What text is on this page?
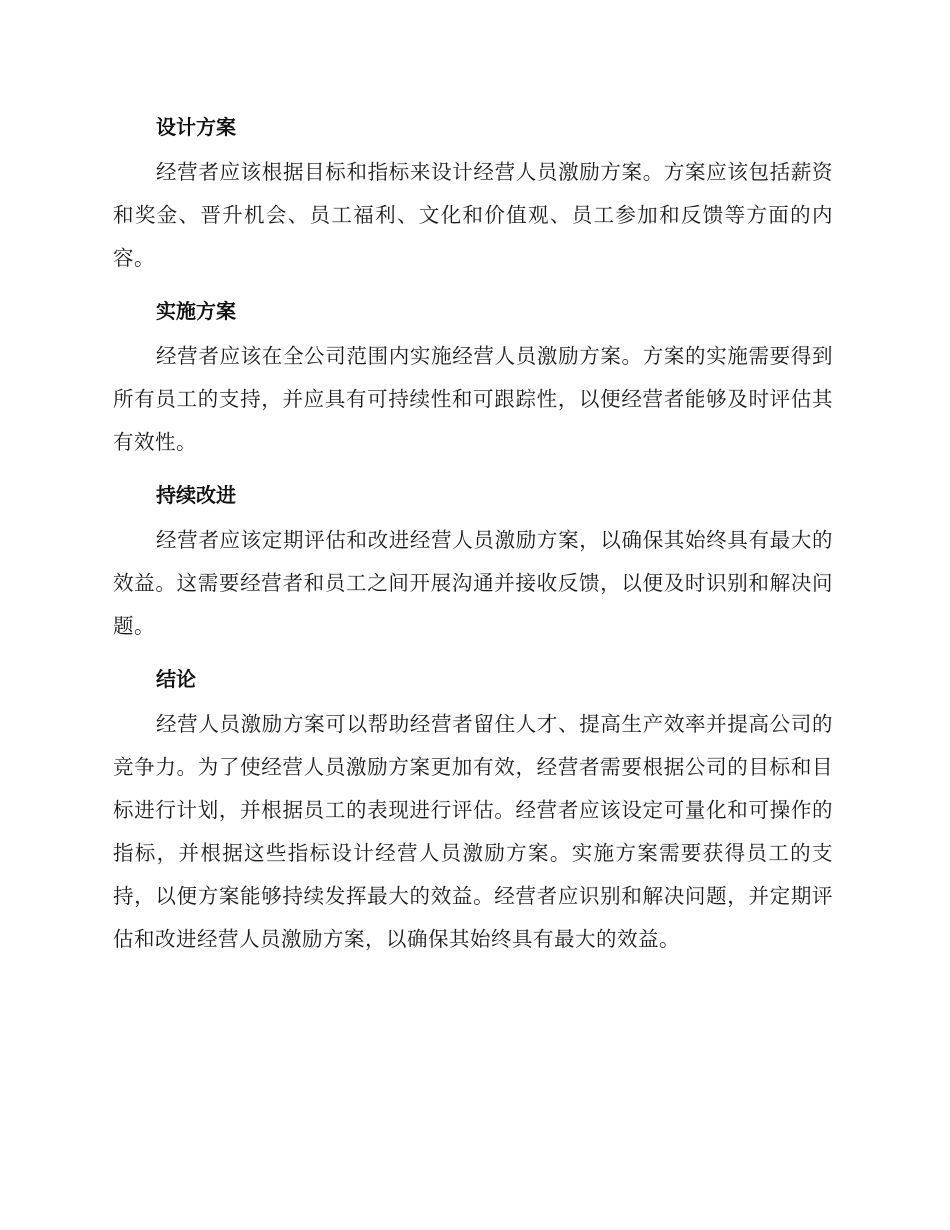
设计方案

经营者应该根据目标和指标来设计经营人员激励方案。方案应该包括薪资和奖金、晋升机会、员工福利、文化和价值观、员工参加和反馈等方面的内容。

实施方案

经营者应该在全公司范围内实施经营人员激励方案。方案的实施需要得到所有员工的支持，并应具有可持续性和可跟踪性，以便经营者能够及时评估其有效性。

持续改进

经营者应该定期评估和改进经营人员激励方案，以确保其始终具有最大的效益。这需要经营者和员工之间开展沟通并接收反馈，以便及时识别和解决问题。

结论

经营人员激励方案可以帮助经营者留住人才、提高生产效率并提高公司的竞争力。为了使经营人员激励方案更加有效，经营者需要根据公司的目标和目标进行计划，并根据员工的表现进行评估。经营者应该设定可量化和可操作的指标，并根据这些指标设计经营人员激励方案。实施方案需要获得员工的支持，以便方案能够持续发挥最大的效益。经营者应识别和解决问题，并定期评估和改进经营人员激励方案，以确保其始终具有最大的效益。
